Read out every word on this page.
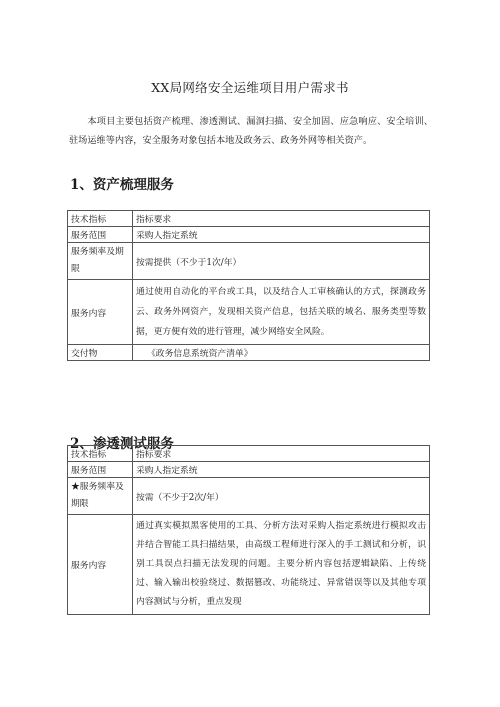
XX局网络安全运维项目用户需求书
本项目主要包括资产梳理、渗透测试、漏洞扫描、安全加固、应急响应、安全培训、驻场运维等内容，安全服务对象包括本地及政务云、政务外网等相关资产。
1、资产梳理服务
技术指标	指标要求
服务范围	采购人指定系统
服务频率及期限	按需提供（不少于1次/年）
服务内容	通过使用自动化的平台或工具，以及结合人工审核确认的方式，探测政务云、政务外网资产，发现相关资产信息，包括关联的域名、服务类型等数据，更方便有效的进行管理，减少网络安全风险。
交付物	《政务信息系统资产清单》
2、渗透测试服务
技术指标	指标要求
服务范围	采购人指定系统
★服务频率及期限	按需（不少于2次/年）
服务内容	通过真实模拟黑客使用的工具、分析方法对采购人指定系统进行模拟攻击并结合智能工具扫描结果，由高级工程师进行深入的手工测试和分析，识别工具误点扫描无法发现的问题。主要分析内容包括逻辑缺陷、上传绕过、输入输出校验绕过、数据篡改、功能绕过、异常错误等以及其他专项内容测试与分析，重点发现
